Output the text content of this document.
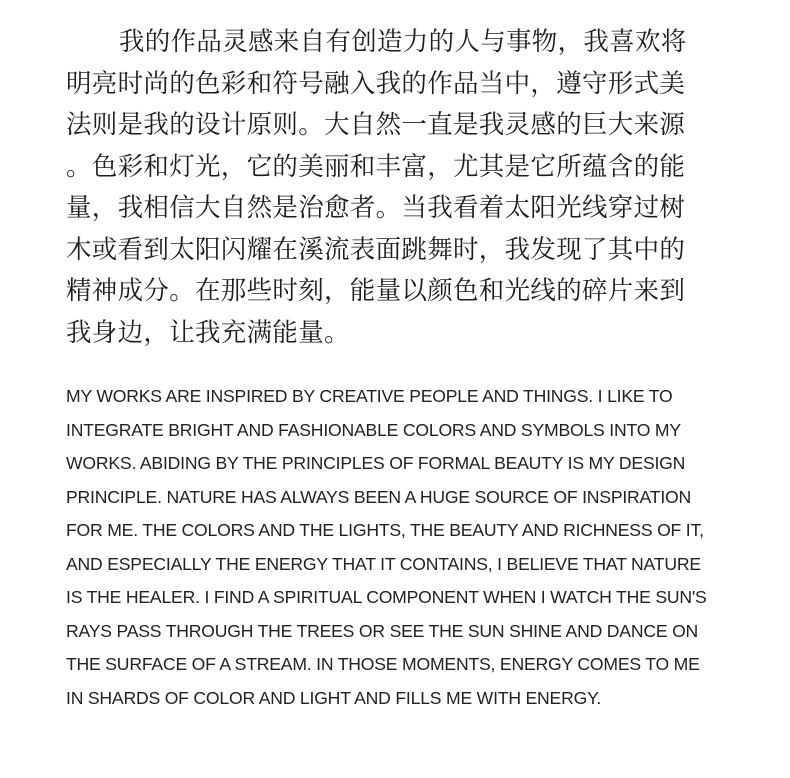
我的作品灵感来自有创造力的人与事物，我喜欢将
明亮时尚的色彩和符号融入我的作品当中，遵守形式美
法则是我的设计原则。大自然一直是我灵感的巨大来源
。色彩和灯光，它的美丽和丰富，尤其是它所蕴含的能
量，我相信大自然是治愈者。当我看着太阳光线穿过树
木或看到太阳闪耀在溪流表面跳舞时，我发现了其中的
精神成分。在那些时刻，能量以颜色和光线的碎片来到
我身边，让我充满能量。
MY WORKS ARE INSPIRED BY CREATIVE PEOPLE AND THINGS. I LIKE TO
INTEGRATE BRIGHT AND FASHIONABLE COLORS AND SYMBOLS INTO MY
WORKS. ABIDING BY THE PRINCIPLES OF FORMAL BEAUTY IS MY DESIGN
PRINCIPLE. NATURE HAS ALWAYS BEEN A HUGE SOURCE OF INSPIRATION
FOR ME. THE COLORS AND THE LIGHTS, THE BEAUTY AND RICHNESS OF IT,
AND ESPECIALLY THE ENERGY THAT IT CONTAINS, I BELIEVE THAT NATURE
IS THE HEALER. I FIND A SPIRITUAL COMPONENT WHEN I WATCH THE SUN'S
RAYS PASS THROUGH THE TREES OR SEE THE SUN SHINE AND DANCE ON
THE SURFACE OF A STREAM. IN THOSE MOMENTS, ENERGY COMES TO ME
IN SHARDS OF COLOR AND LIGHT AND FILLS ME WITH ENERGY.
